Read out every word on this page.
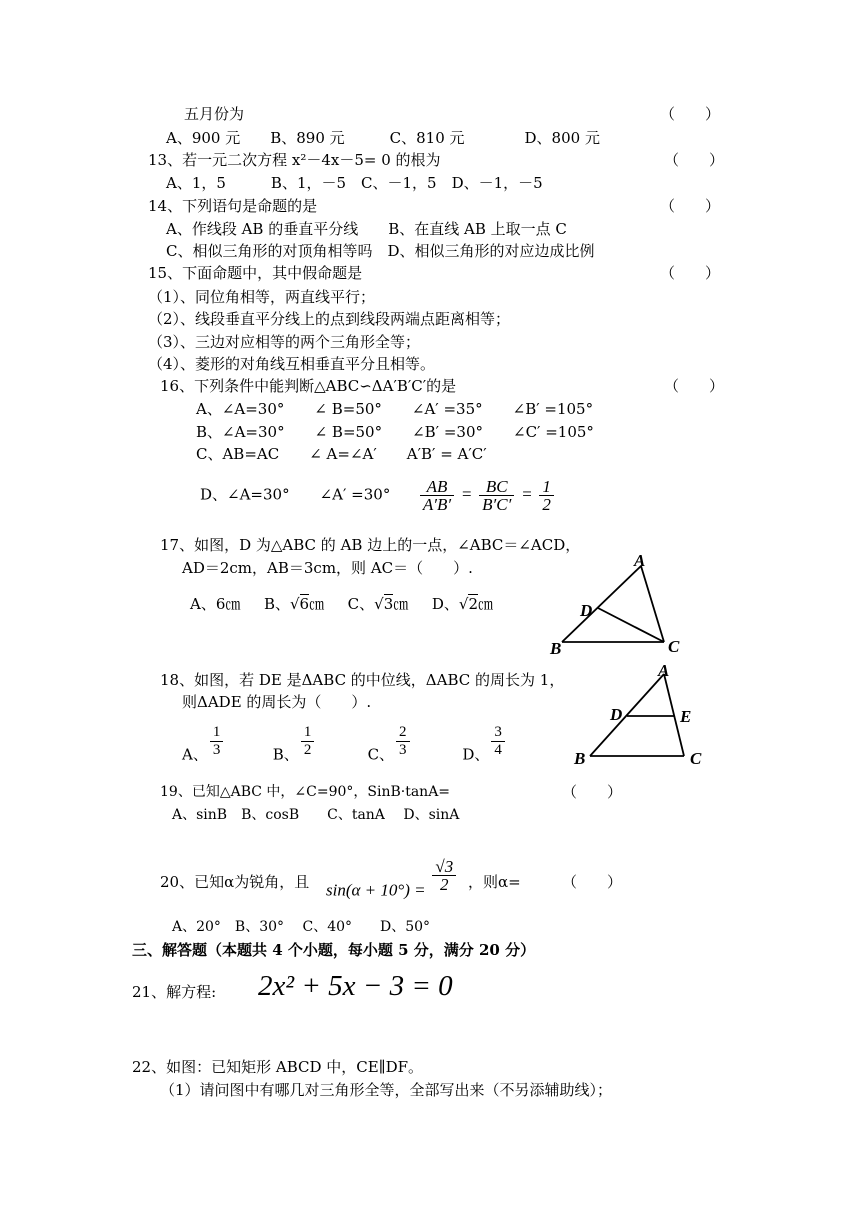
五月份为	（　　）
A、900 元　　B、890 元　　　C、810 元　　　　D、800 元
13、若一元二次方程 x²－4x－5= 0 的根为	（　　）
A、1，5　　　B、1，－5　C、－1，5　D、－1，－5
14、下列语句是命题的是	（　　）
A、作线段 AB 的垂直平分线　　B、在直线 AB 上取一点 C
C、相似三角形的对顶角相等吗　D、相似三角形的对应边成比例
15、下面命题中，其中假命题是	（　　）
（1）、同位角相等，两直线平行；
（2）、线段垂直平分线上的点到线段两端点距离相等；
（3）、三边对应相等的两个三角形全等；
（4）、菱形的对角线互相垂直平分且相等。
16、下列条件中能判断△ABC∽ΔA′B′C′的是	（　　）
A、∠A=30°　　∠ B=50°　　∠A′ =35°　　∠B′ =105°
B、∠A=30°　　∠ B=50°　　∠B′ =30°　　∠C′ =105°
C、AB=AC　　∠ A=∠A′　　A′B′ = A′C′
D、∠A=30°　　∠A′ $=30^\circ \frac{AB}{A'B'} = \frac{BC}{B'C'} = \frac{1}{2}$
17、如图，D 为△ABC 的 AB 边上的一点，∠ABC＝∠ACD，
AD＝2cm，AB＝3cm，则 AC＝（　　）.
A、6㎝ B、√6㎝ C、√3㎝ D、√2㎝
A
D
B	C
18、如图，若 DE 是ΔABC 的中位线，ΔABC 的周长为 1，
则ΔADE 的周长为（　　）.
A、 $\frac{1}{3}$	B、 $\frac{1}{2}$	C、 $\frac{2}{3}$	D、 $\frac{3}{4}$
A
D	E
B	C
19、已知△ABC 中，∠C=90°，SinB·tanA=	（　　）
A、sinB　B、cosB　　C、tanA　 D、sinA
20、已知α为锐角，且 $\sin(\alpha + 10^\circ) = \frac{√3}{2}$ ，则α=	（　　）
A、20°　B、30°　 C、40°　　D、50°
三、解答题（本题共 4 个小题，每小题 5 分，满分 20 分）
21、解方程: 2x² + 5x − 3 = 0
22、如图：已知矩形 ABCD 中，CE∥DF。
（1）请问图中有哪几对三角形全等，全部写出来（不另添辅助线）；
